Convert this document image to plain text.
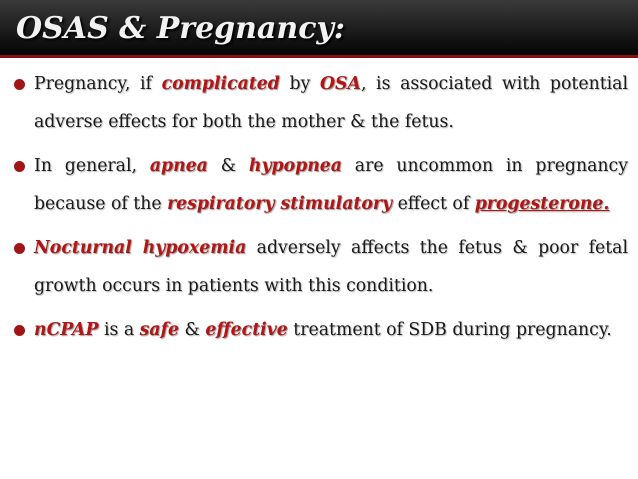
OSAS & Pregnancy:
Pregnancy, if complicated by OSA, is associated with potential adverse effects for both the mother & the fetus.
In general, apnea & hypopnea are uncommon in pregnancy because of the respiratory stimulatory effect of progesterone.
Nocturnal hypoxemia adversely affects the fetus & poor fetal growth occurs in patients with this condition.
nCPAP is a safe & effective treatment of SDB during pregnancy.
